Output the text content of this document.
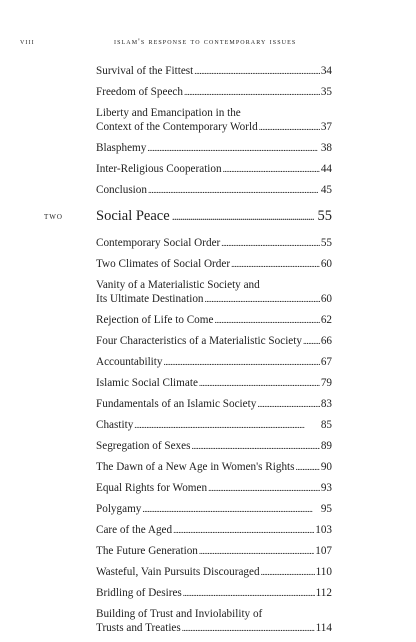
viii	islam's response to contemporary issues
Survival of the Fittest . . .	34
Freedom of Speech . . .	35
Liberty and Emancipation in the
Context of the Contemporary World . . .	37
Blasphemy . . .	38
Inter-Religious Cooperation . . .	44
Conclusion . . .	45
two Social Peace . . .	55
Contemporary Social Order . . .	55
Two Climates of Social Order . . .	60
Vanity of a Materialistic Society and
Its Ultimate Destination . . .	60
Rejection of Life to Come . . .	62
Four Characteristics of a Materialistic Society . . . 66
Accountability . . .	67
Islamic Social Climate . . .	79
Fundamentals of an Islamic Society . . .	83
Chastity . . .	85
Segregation of Sexes . . .	89
The Dawn of a New Age in Women's Rights . . . 90
Equal Rights for Women . . .	93
Polygamy . . .	95
Care of the Aged . . .	103
The Future Generation . . .	107
Wasteful, Vain Pursuits Discouraged . . .	110
Bridling of Desires . . .	112
Building of Trust and Inviolability of
Trusts and Treaties . . .	114
